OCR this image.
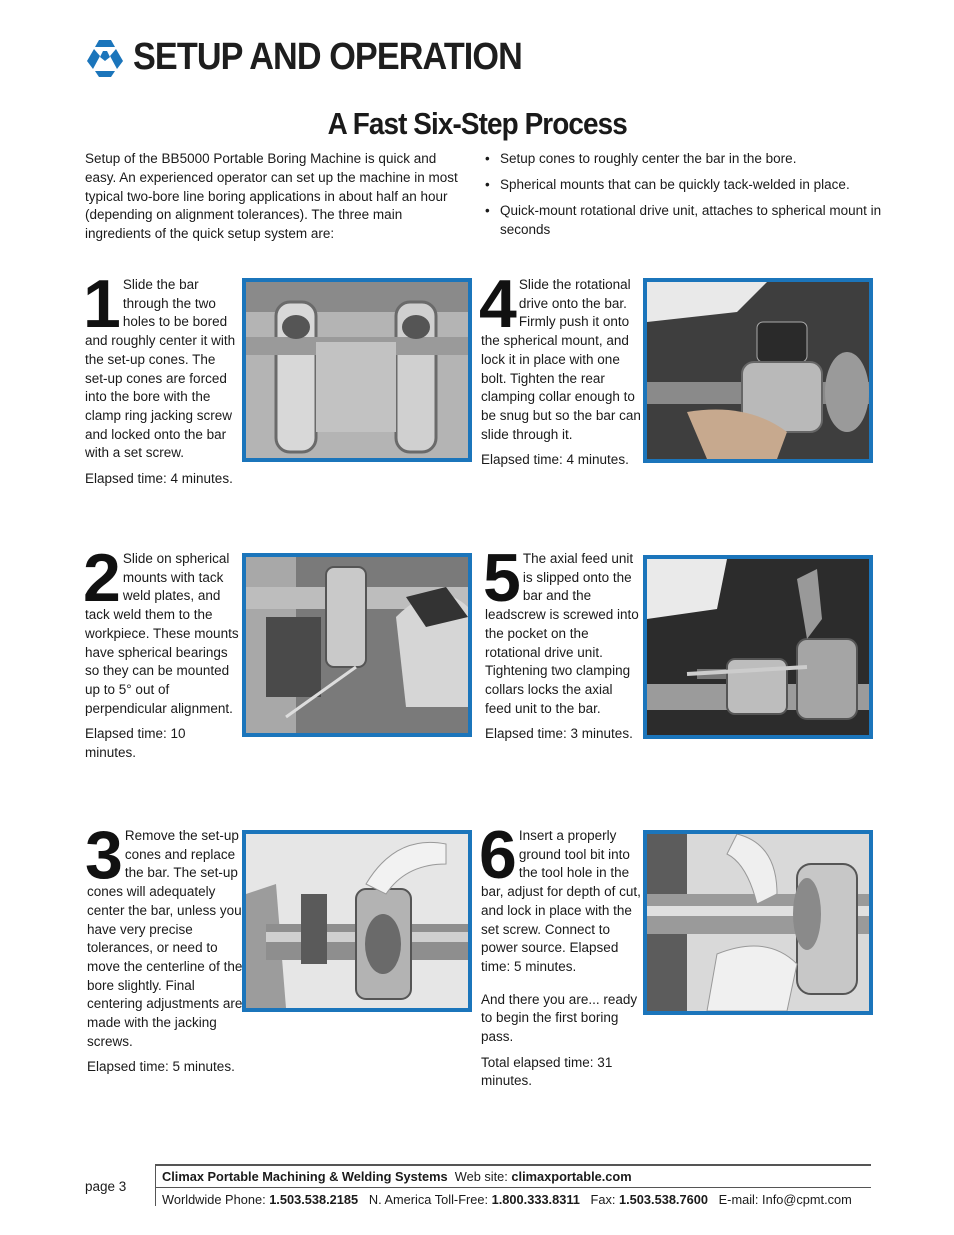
SETUP AND OPERATION
A Fast Six-Step Process
Setup of the BB5000 Portable Boring Machine is quick and easy. An experienced operator can set up the machine in most typical two-bore line boring applications in about half an hour (depending on alignment tolerances). The three main ingredients of the quick setup system are:
• Setup cones to roughly center the bar in the bore.
• Spherical mounts that can be quickly tack-welded in place.
• Quick-mount rotational drive unit, attaches to spherical mount in seconds
1 Slide the bar through the two holes to be bored and roughly center it with the set-up cones. The set-up cones are forced into the bore with the clamp ring jacking screw and locked onto the bar with a set screw.

Elapsed time: 4 minutes.

2 Slide on spherical mounts with tack weld plates, and tack weld them to the workpiece. These mounts have spherical bearings so they can be mounted up to 5° out of perpendicular alignment.

Elapsed time: 10 minutes.

3 Remove the set-up cones and replace the bar. The set-up cones will adequately center the bar, unless you have very precise tolerances, or need to move the centerline of the bore slightly. Final centering adjustments are made with the jacking screws.

Elapsed time: 5 minutes.

4 Slide the rotational drive onto the bar. Firmly push it onto the spherical mount, and lock it in place with one bolt. Tighten the rear clamping collar enough to be snug but so the bar can slide through it.

Elapsed time: 4 minutes.

5 The axial feed unit is slipped onto the bar and the leadscrew is screwed into the pocket on the rotational drive unit. Tightening two clamping collars locks the axial feed unit to the bar.

Elapsed time: 3 minutes.

6 Insert a properly ground tool bit into the tool hole in the bar, adjust for depth of cut, and lock in place with the set screw. Connect to power source. Elapsed time: 5 minutes.

And there you are... ready to begin the first boring pass.

Total elapsed time: 31 minutes.

page 3
Climax Portable Machining & Welding Systems Web site: climaxportable.com
Worldwide Phone: 1.503.538.2185 N. America Toll-Free: 1.800.333.8311 Fax: 1.503.538.7600 E-mail: Info@cpmt.com
